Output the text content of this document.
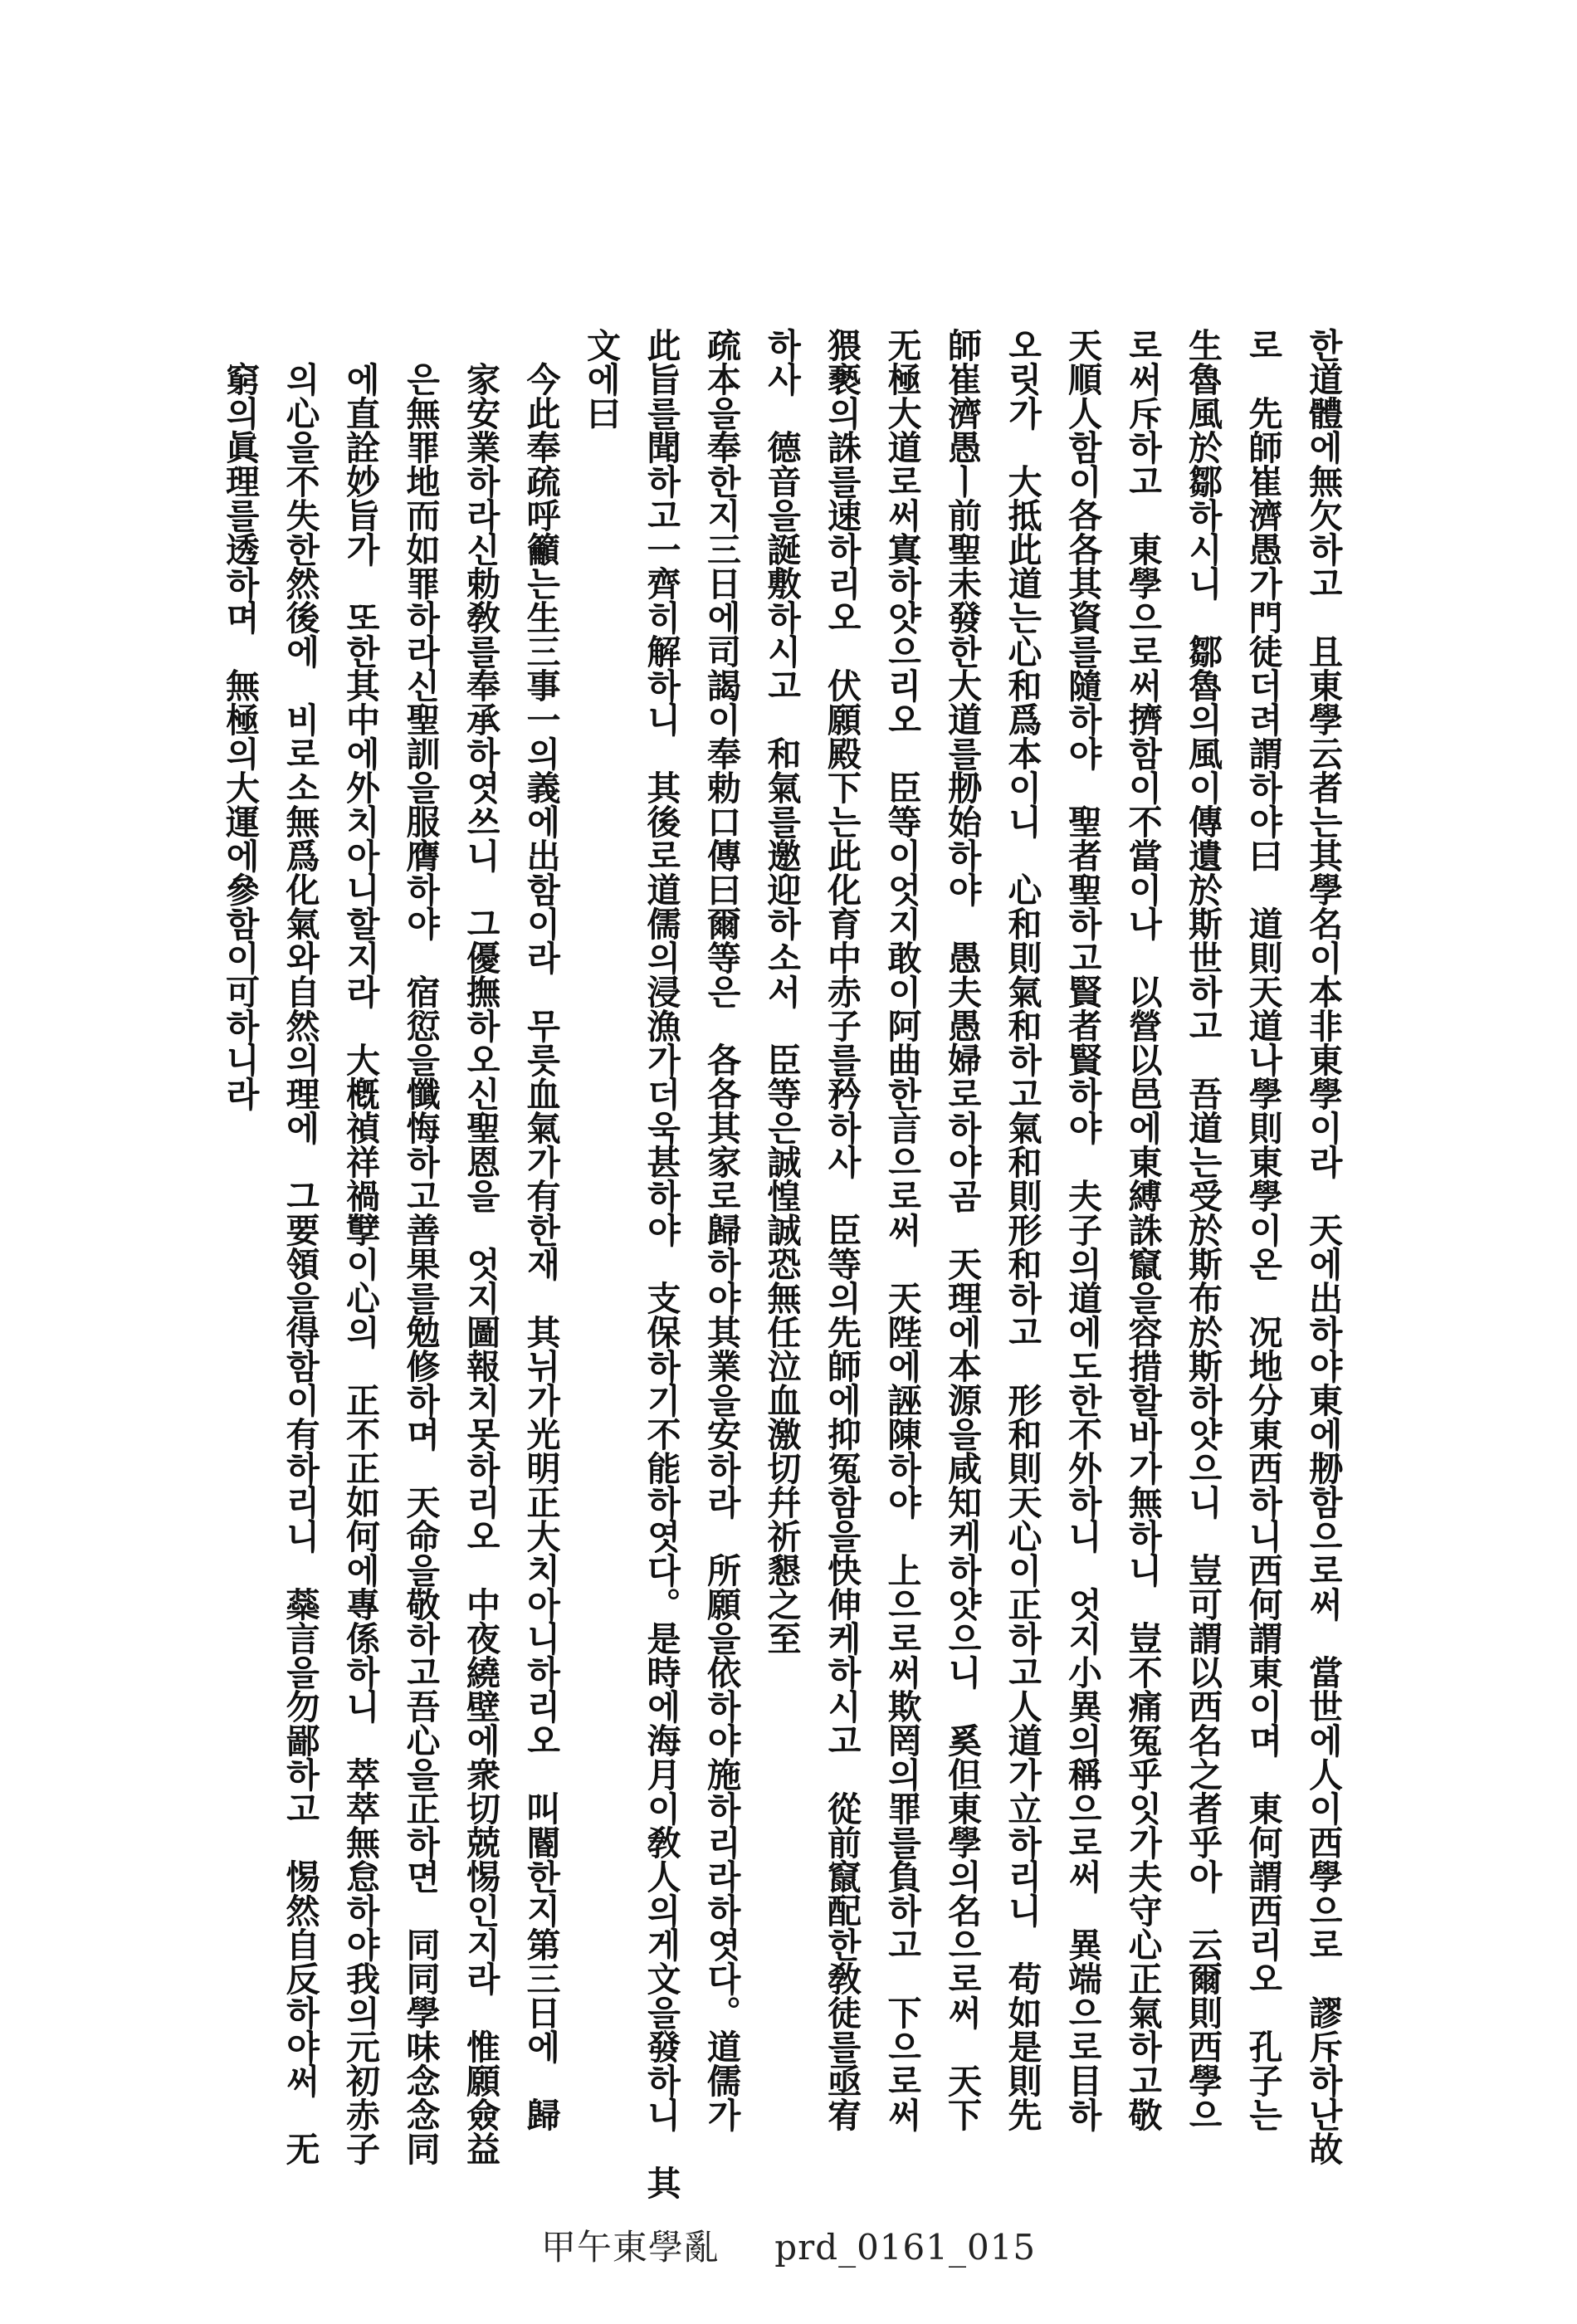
한道體에無欠하고　且東學云者는其學名이本非東學이라　天에出하야東에刱함으로써　當世에人이西學으로　謬斥하난故
로　先師崔濟愚가門徒더려謂하야曰　道則天道나學則東學이온　况地分東西하니西何謂東이며　東何謂西리오　孔子는
生魯風於鄒하시니　鄒魯의風이傳遺於斯世하고　吾道는受於斯布於斯하얏으니　豈可謂以西名之者乎아　云爾則西學으
로써斥하고　東學으로써擠함이不當이나　以營以邑에東縛誅竄을容措할바가無하니　豈不痛冤乎잇가夫守心正氣하고敬
天順人함이各各其資를隨하야　聖者聖하고賢者賢하야　夫子의道에도한不外하니　엇지小異의稱으로써　異端으로目하
오릿가　大抵此道는心和爲本이니　心和則氣和하고氣和則形和하고　形和則天心이正하고人道가立하리니　苟如是則先
師崔濟愚ㅣ前聖未發한大道를刱始하야　愚夫愚婦로하야곰　天理에本源을咸知케하얏으니　奚但東學의名으로써　天下
无極大道로써寘하얏으리오　臣等이엇지敢이阿曲한言으로써　天陛에誣陳하야　上으로써欺罔의罪를負하고　下으로써
猥褻의誅를速하리오　伏願殿下는此化育中赤子를矜하사　臣等의先師에抑冤함을快伸케하시고　從前竄配한敎徒를亟宥
하사　德音을誕敷하시고　和氣를邀迎하소서　臣等은誠惶誠恐無任泣血激切幷祈懇之至
疏本을奉한지三日에司謁이奉勅口傳曰爾等은　各各其家로歸하야其業을安하라　所願을依하야施하리라하엿다。道儒가
此旨를聞하고一齊히解하니　其後로道儒의浸漁가더욱甚하야　支保하기不能하엿다。是時에海月이敎人의게文을發하니　其
文에曰
今此奉疏呼籲는生三事一의義에出함이라　무릇血氣가有한재　其뉘가光明正大치아니하리오　叫閽한지第三日에　歸
家安業하라신勅敎를奉承하엿쓰니　그優撫하오신聖恩을　엇지圖報치못하리오　中夜繞壁에衆切兢惕인지라　惟願僉益
은無罪地而如罪하라신聖訓을服膺하야　宿愆을懺悔하고善果를勉修하며　天命을敬하고吾心을正하면　同同學味念念同
에直詮妙旨가　또한其中에外치아니할지라　大槪禎祥禍孼이心의　正不正如何에專係하니　萃萃無怠하야我의元初赤子
의心을不失한然後에　비로소無爲化氣와自然의理에　그要領을得함이有하리니　蘂言을勿鄙하고　惕然自反하야써　无
窮의眞理를透하며　無極의大運에參함이可하니라
甲午東學亂 prd_0161_015
